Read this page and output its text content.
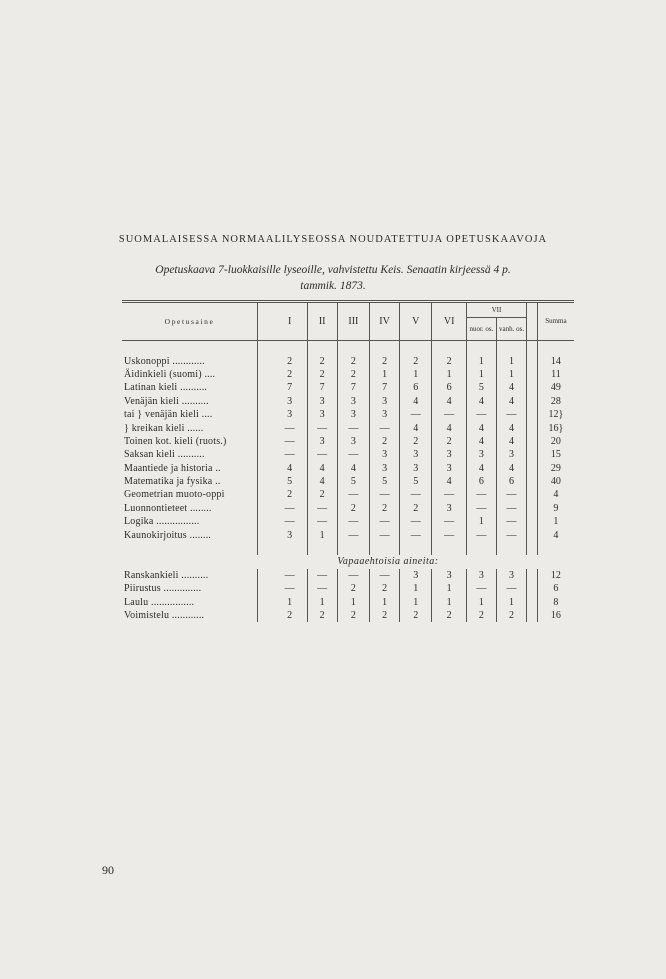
SUOMALAISESSA NORMAALILYSEOSSA NOUDATETTUJA OPETUSKAAVOJA
Opetuskaava 7-luokkaisille lyseoille, vahvistettu Keis. Senaatin kirjeessä 4 p.
tammik. 1873.
Opetusaine		I	II	III	IV	V	VI	VII			Summa
								nuor. os.	vanh. os.		

Uskonoppi ............		2	2	2	2	2	2	1	1		14
Äidinkieli (suomi) ....		2	2	2	1	1	1	1	1		11
Latinan kieli ..........		7	7	7	7	6	6	5	4		49
Venäjän kieli ..........		3	3	3	3	4	4	4	4		28
tai } venäjän kieli ....		3	3	3	3	—	—	—	—		12}
} kreikan kieli ......		—	—	—	—	4	4	4	4		16}
Toinen kot. kieli (ruots.)		—	3	3	2	2	2	4	4		20
Saksan kieli ..........		—	—	—	3	3	3	3	3		15
Maantiede ja historia ..		4	4	4	3	3	3	4	4		29
Matematika ja fysika ..		5	4	5	5	5	4	6	6		40
Geometrian muoto-oppi		2	2	—	—	—	—	—	—		4
Luonnontieteet ........		—	—	2	2	2	3	—	—		9
Logika ................		—	—	—	—	—	—	1	—		1
Kaunokirjoitus ........		3	1	—	—	—	—	—	—		4

Vapaaehtoisia aineita:											
Ranskankieli ..........		—	—	—	—	3	3	3	3		12
Piirustus ..............		—	—	2	2	1	1	—	—		6
Laulu ................		1	1	1	1	1	1	1	1		8
Voimistelu ............		2	2	2	2	2	2	2	2		16
90
